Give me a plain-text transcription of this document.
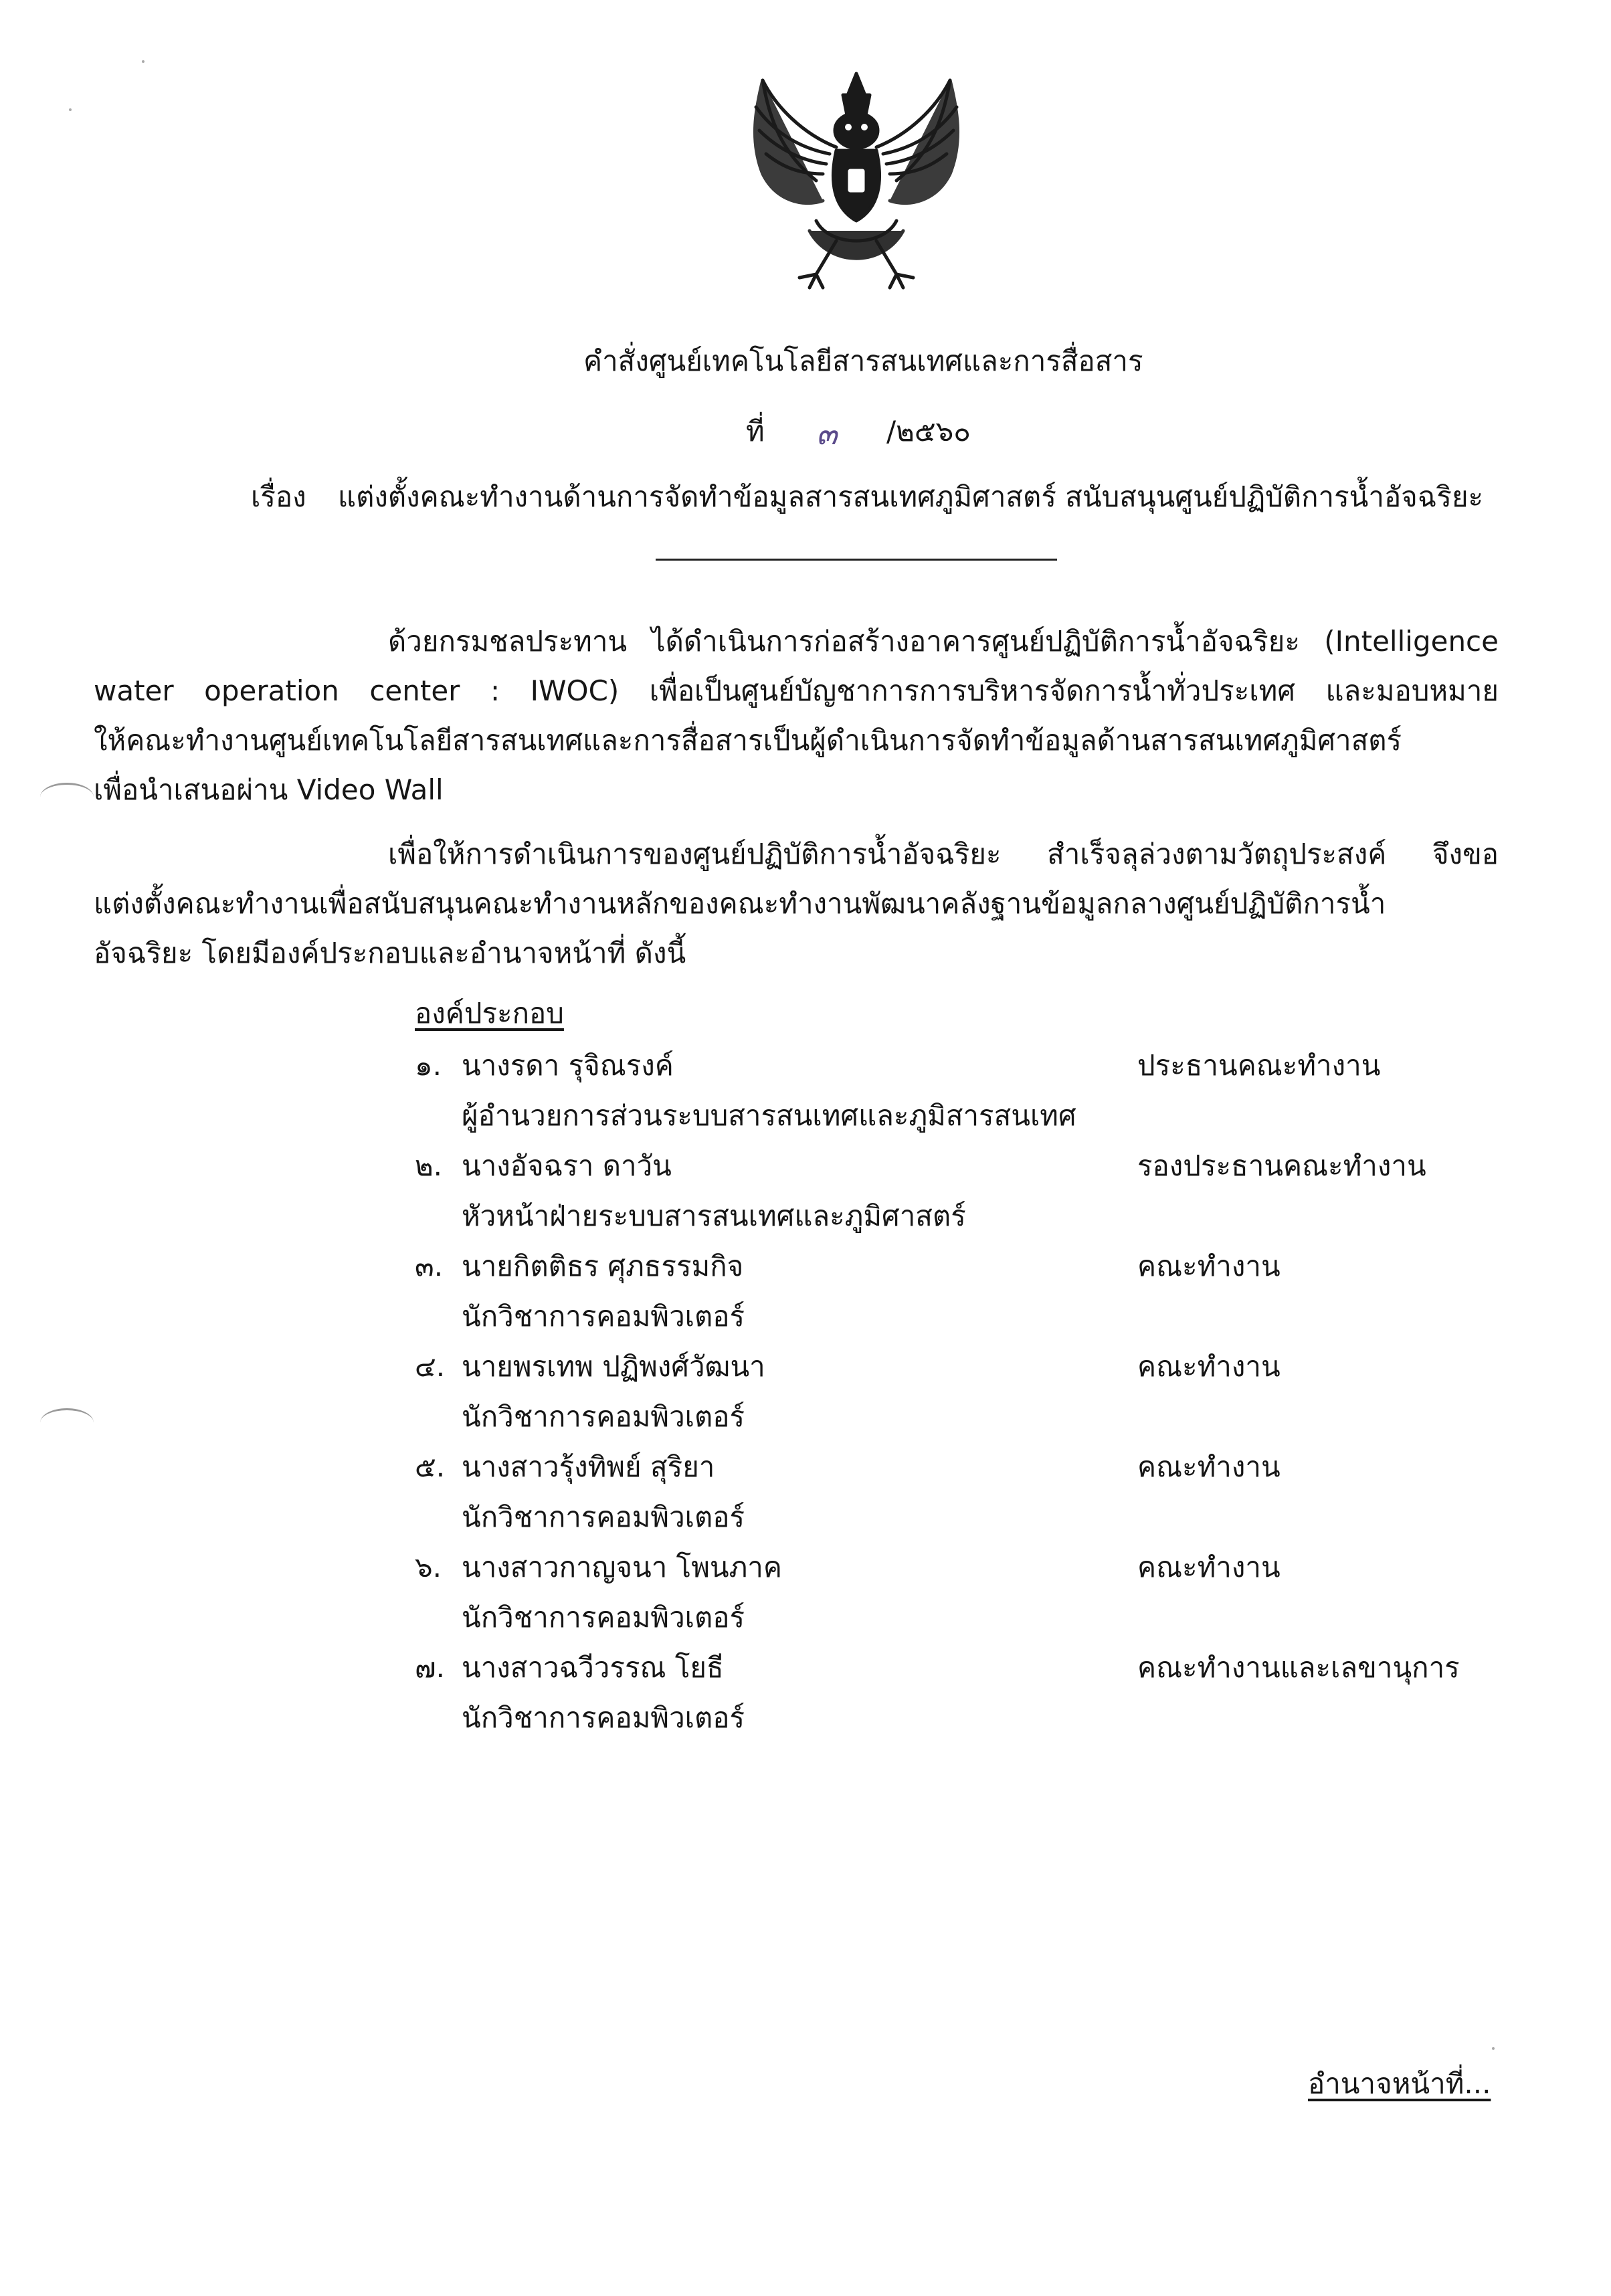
คำสั่งศูนย์เทคโนโลยีสารสนเทศและการสื่อสาร
ที่ ๓ /๒๕๖๐
เรื่อง แต่งตั้งคณะทำงานด้านการจัดทำข้อมูลสารสนเทศภูมิศาสตร์ สนับสนุนศูนย์ปฏิบัติการน้ำอัจฉริยะ
ด้วยกรมชลประทาน ได้ดำเนินการก่อสร้างอาคารศูนย์ปฏิบัติการน้ำอัจฉริยะ (Intelligence
water operation center : IWOC) เพื่อเป็นศูนย์บัญชาการการบริหารจัดการน้ำทั่วประเทศ และมอบหมาย
ให้คณะทำงานศูนย์เทคโนโลยีสารสนเทศและการสื่อสารเป็นผู้ดำเนินการจัดทำข้อมูลด้านสารสนเทศภูมิศาสตร์
เพื่อนำเสนอผ่าน Video Wall
เพื่อให้การดำเนินการของศูนย์ปฏิบัติการน้ำอัจฉริยะ สำเร็จลุล่วงตามวัตถุประสงค์ จึงขอ
แต่งตั้งคณะทำงานเพื่อสนับสนุนคณะทำงานหลักของคณะทำงานพัฒนาคลังฐานข้อมูลกลางศูนย์ปฏิบัติการน้ำ
อัจฉริยะ โดยมีองค์ประกอบและอำนาจหน้าที่ ดังนี้
องค์ประกอบ
๑. นางรดา รุจิณรงค์	ประธานคณะทำงาน
ผู้อำนวยการส่วนระบบสารสนเทศและภูมิสารสนเทศ
๒. นางอัจฉรา ดาวัน	รองประธานคณะทำงาน
หัวหน้าฝ่ายระบบสารสนเทศและภูมิศาสตร์
๓. นายกิตติธร ศุภธรรมกิจ	คณะทำงาน
นักวิชาการคอมพิวเตอร์
๔. นายพรเทพ ปฏิพงศ์วัฒนา	คณะทำงาน
นักวิชาการคอมพิวเตอร์
๕. นางสาวรุ้งทิพย์ สุริยา	คณะทำงาน
นักวิชาการคอมพิวเตอร์
๖. นางสาวกาญจนา โพนภาค	คณะทำงาน
นักวิชาการคอมพิวเตอร์
๗. นางสาวฉวีวรรณ โยธี	คณะทำงานและเลขานุการ
นักวิชาการคอมพิวเตอร์
อำนาจหน้าที่...
